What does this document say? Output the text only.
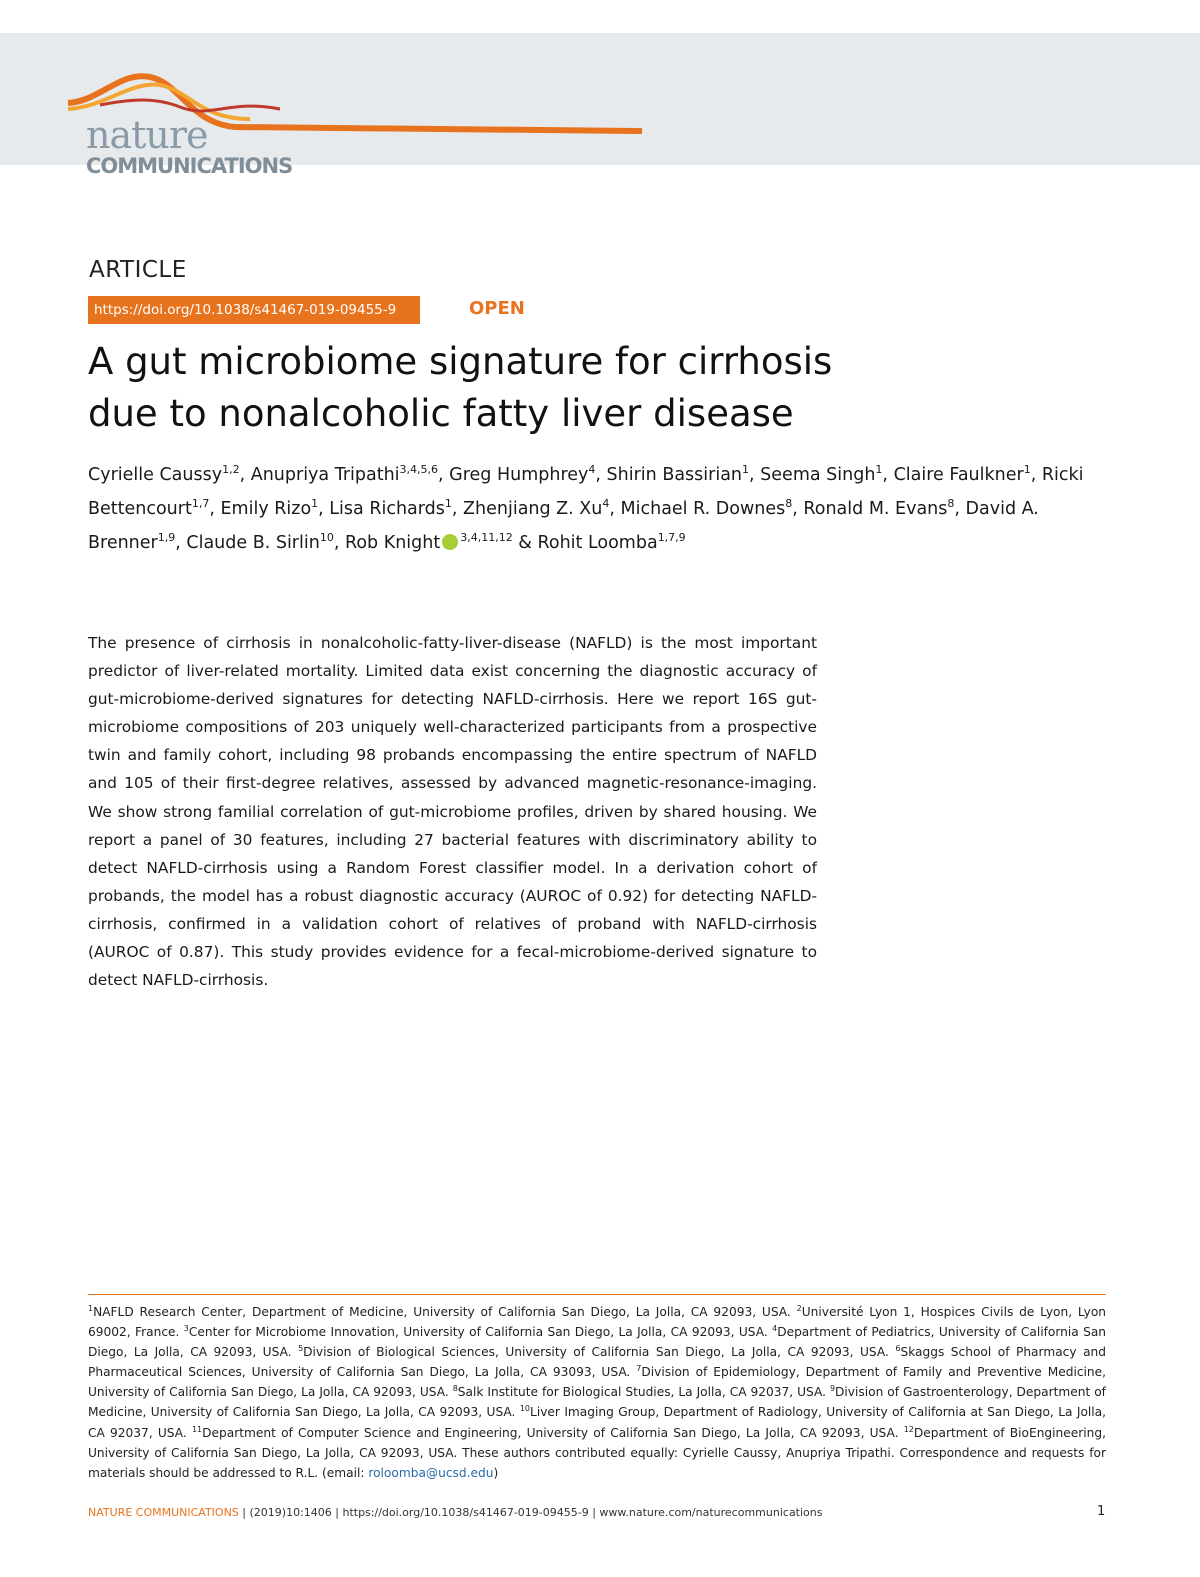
nature
COMMUNICATIONS
ARTICLE
https://doi.org/10.1038/s41467-019-09455-9	OPEN
A gut microbiome signature for cirrhosis
due to nonalcoholic fatty liver disease
Cyrielle Caussy$^{1,2}$, Anupriya Tripathi$^{3,4,5,6}$, Greg Humphrey$^4$, Shirin Bassirian$^1$, Seema Singh$^1$, Claire Faulkner$^1$, Ricki Bettencourt$^{1,7}$, Emily Rizo$^1$, Lisa Richards$^1$, Zhenjiang Z. Xu$^4$, Michael R. Downes$^8$, Ronald M. Evans$^8$, David A. Brenner$^{1,9}$, Claude B. Sirlin$^{10}$, Rob Knight $^{3,4,11,12}$ & Rohit Loomba$^{1,7,9}$
The presence of cirrhosis in nonalcoholic-fatty-liver-disease (NAFLD) is the most important predictor of liver-related mortality. Limited data exist concerning the diagnostic accuracy of gut-microbiome-derived signatures for detecting NAFLD-cirrhosis. Here we report 16S gut-microbiome compositions of 203 uniquely well-characterized participants from a prospective twin and family cohort, including 98 probands encompassing the entire spectrum of NAFLD and 105 of their first-degree relatives, assessed by advanced magnetic-resonance-imaging. We show strong familial correlation of gut-microbiome profiles, driven by shared housing. We report a panel of 30 features, including 27 bacterial features with discriminatory ability to detect NAFLD-cirrhosis using a Random Forest classifier model. In a derivation cohort of probands, the model has a robust diagnostic accuracy (AUROC of 0.92) for detecting NAFLD-cirrhosis, confirmed in a validation cohort of relatives of proband with NAFLD-cirrhosis (AUROC of 0.87). This study provides evidence for a fecal-microbiome-derived signature to detect NAFLD-cirrhosis.
$^1$NAFLD Research Center, Department of Medicine, University of California San Diego, La Jolla, CA 92093, USA. $^2$Université Lyon 1, Hospices Civils de Lyon, Lyon 69002, France. $^3$Center for Microbiome Innovation, University of California San Diego, La Jolla, CA 92093, USA. $^4$Department of Pediatrics, University of California San Diego, La Jolla, CA 92093, USA. $^5$Division of Biological Sciences, University of California San Diego, La Jolla, CA 92093, USA. $^6$Skaggs School of Pharmacy and Pharmaceutical Sciences, University of California San Diego, La Jolla, CA 93093, USA. $^7$Division of Epidemiology, Department of Family and Preventive Medicine, University of California San Diego, La Jolla, CA 92093, USA. $^8$Salk Institute for Biological Studies, La Jolla, CA 92037, USA. $^9$Division of Gastroenterology, Department of Medicine, University of California San Diego, La Jolla, CA 92093, USA. $^{10}$Liver Imaging Group, Department of Radiology, University of California at San Diego, La Jolla, CA 92037, USA. $^{11}$Department of Computer Science and Engineering, University of California San Diego, La Jolla, CA 92093, USA. $^{12}$Department of BioEngineering, University of California San Diego, La Jolla, CA 92093, USA. These authors contributed equally: Cyrielle Caussy, Anupriya Tripathi. Correspondence and requests for materials should be addressed to R.L. (email: roloomba@ucsd.edu)
NATURE COMMUNICATIONS | (2019)10:1406 | https://doi.org/10.1038/s41467-019-09455-9 | www.nature.com/naturecommunications	1
